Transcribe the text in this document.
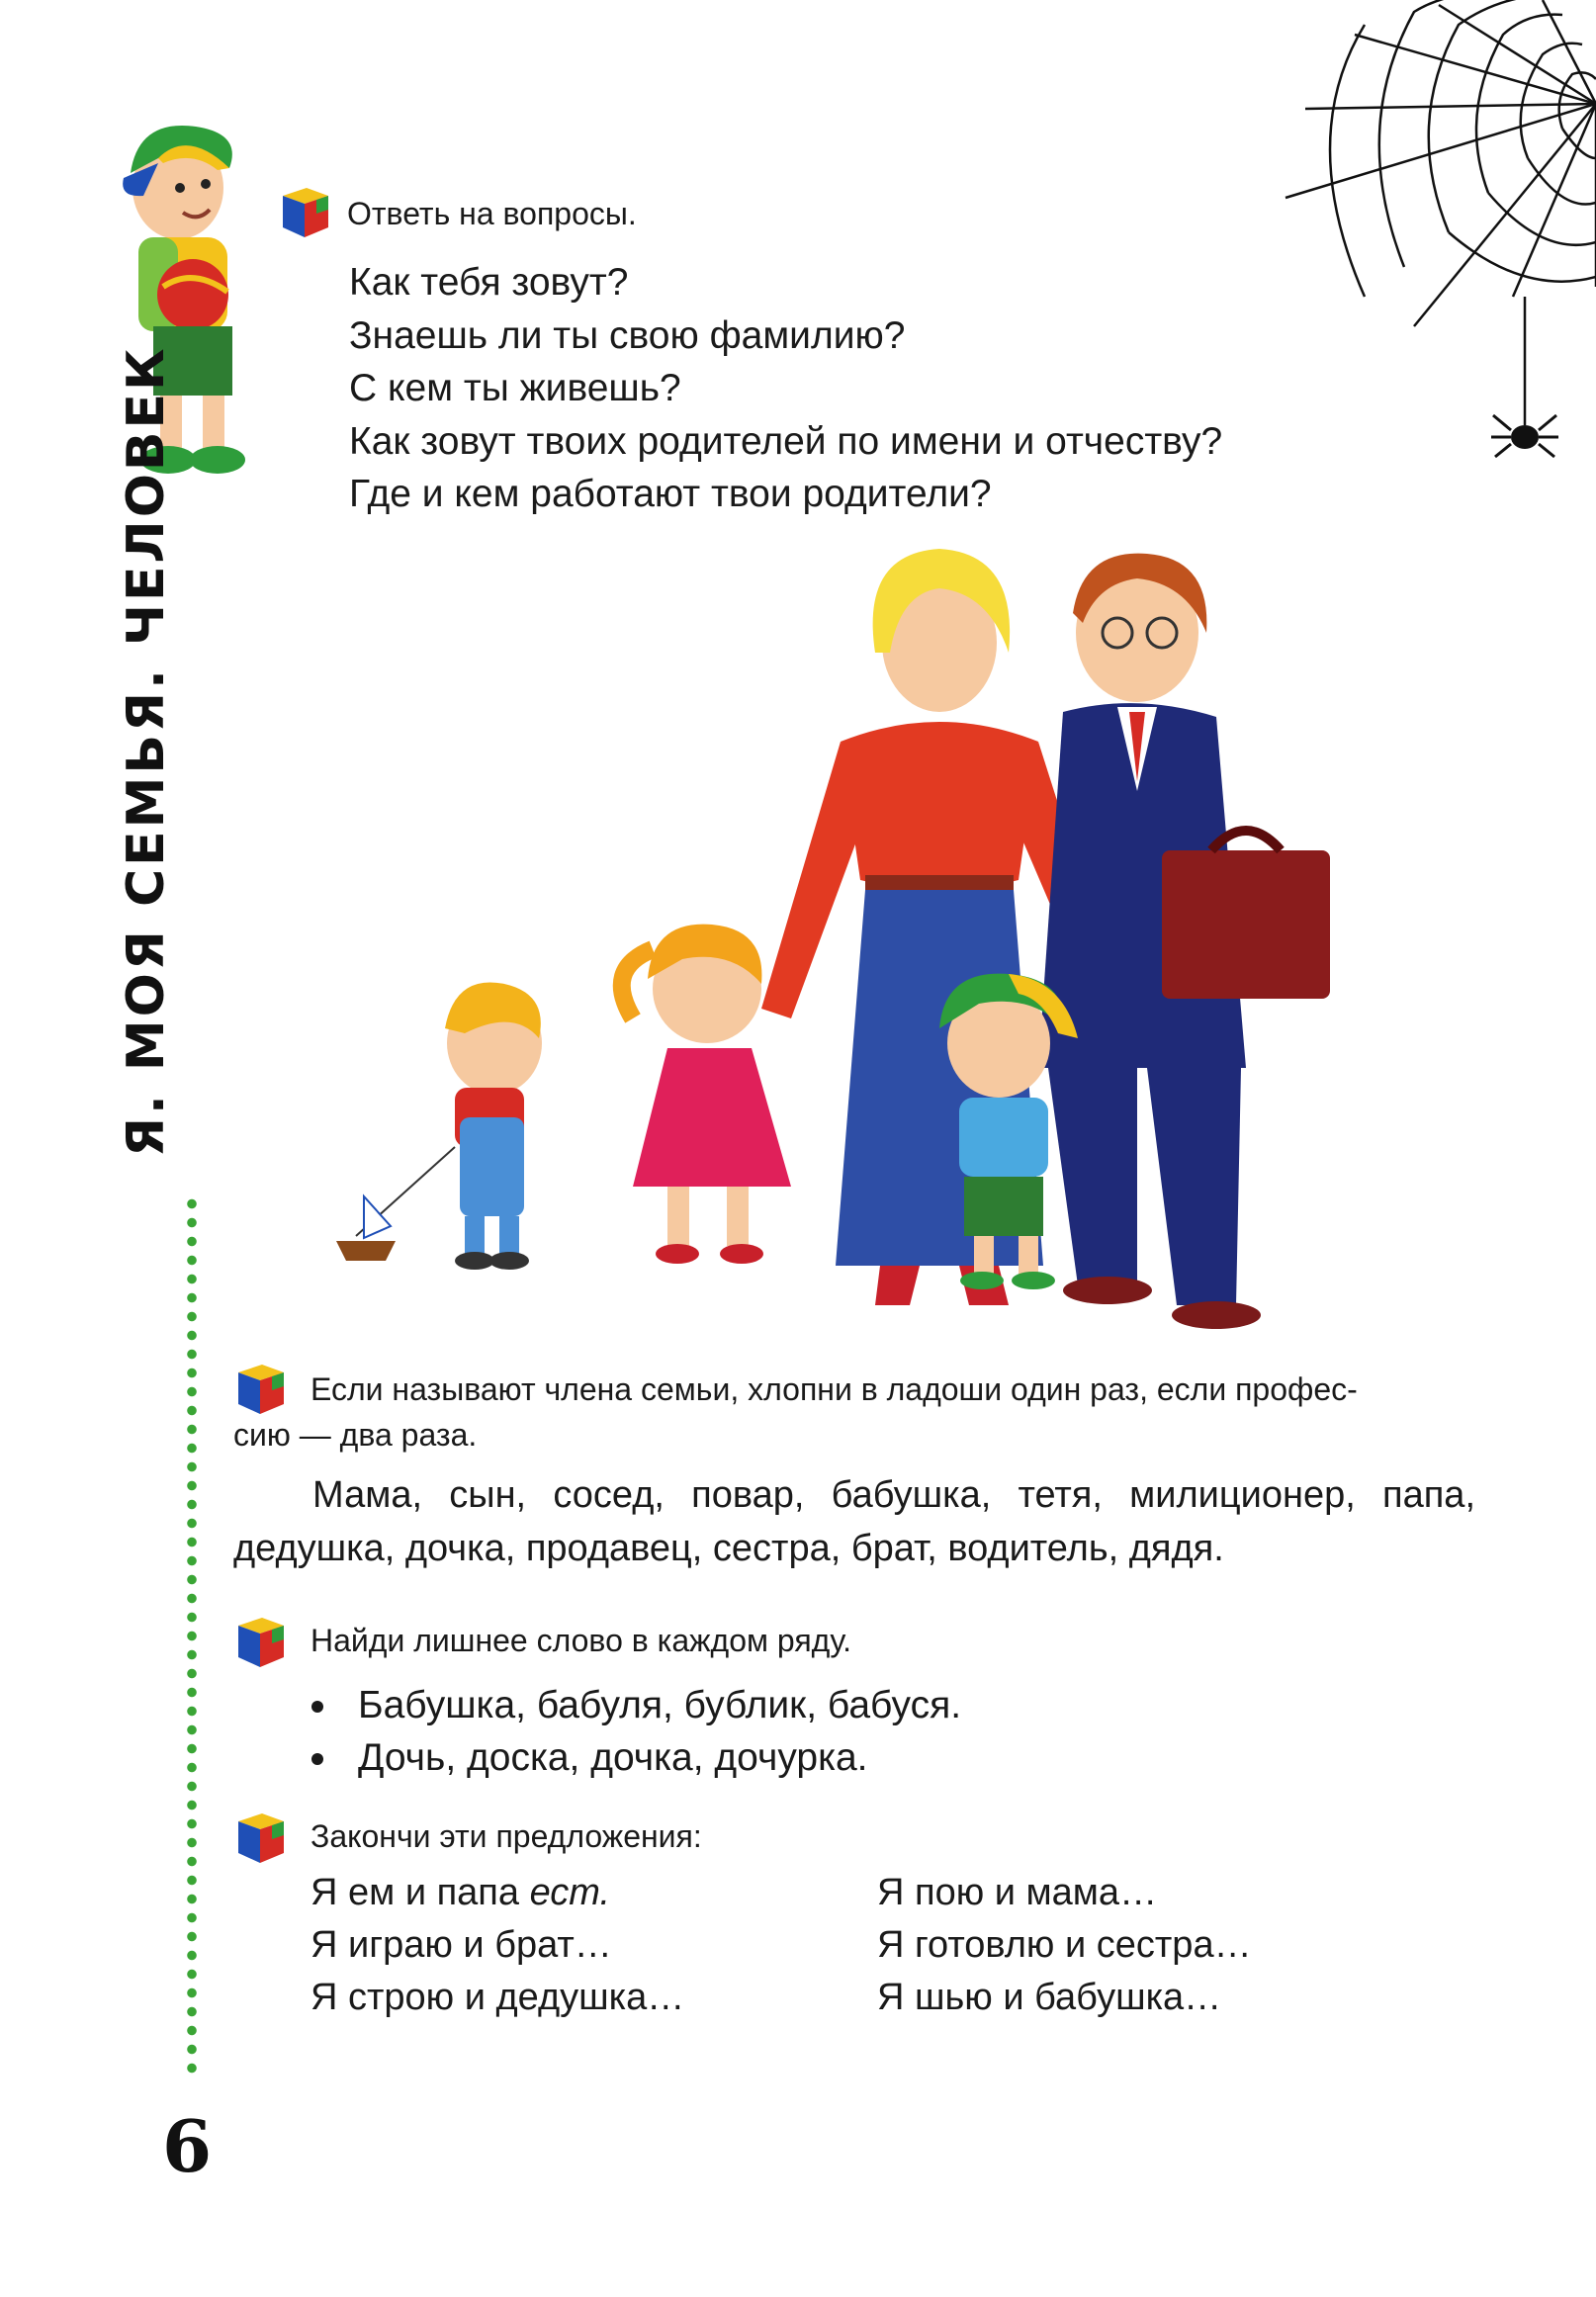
Я. МОЯ СЕМЬЯ. ЧЕЛОВЕК
6
Ответь на вопросы.
Как тебя зовут?
Знаешь ли ты свою фамилию?
С кем ты живешь?
Как зовут твоих родителей по имени и отчеству?
Где и кем работают твои родители?
Если называют члена семьи, хлопни в ладоши один раз, если профес-
сию — два раза.
Мама, сын, сосед, повар, бабушка, тетя, милиционер, папа,
дедушка, дочка, продавец, сестра, брат, водитель, дядя.
Найди лишнее слово в каждом ряду.
Бабушка, бабуля, бублик, бабуся.
Дочь, доска, дочка, дочурка.
Закончи эти предложения:
Я ем и папа ест.
Я играю и брат…
Я строю и дедушка…
Я пою и мама…
Я готовлю и сестра…
Я шью и бабушка…
